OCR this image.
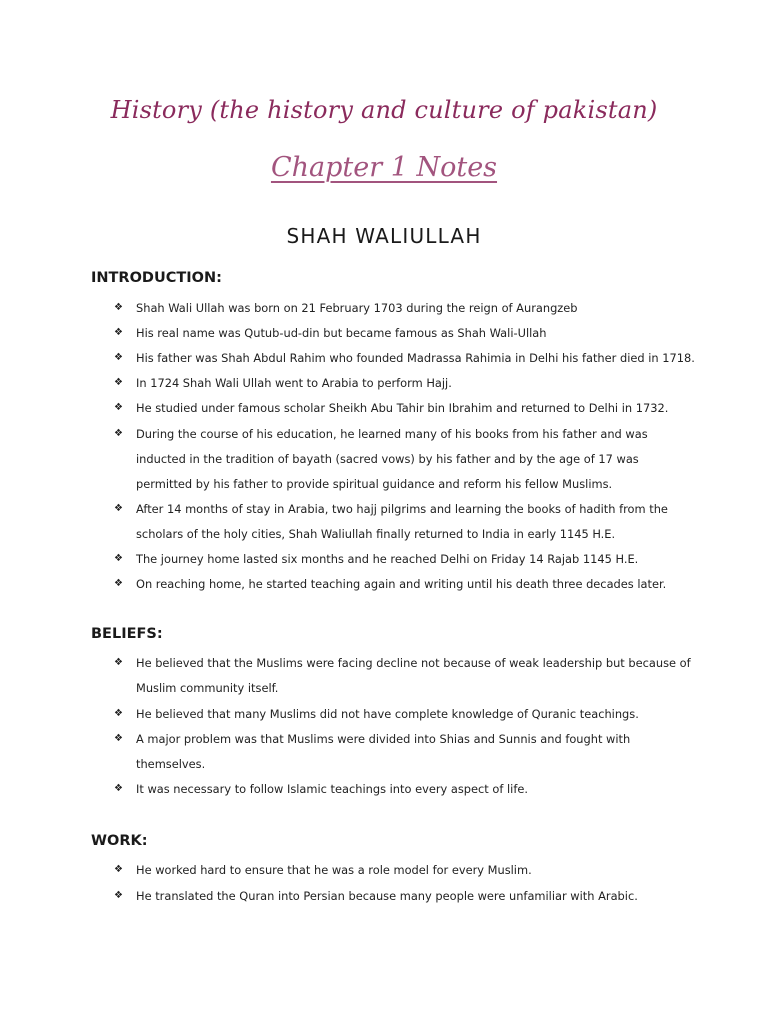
History (the history and culture of pakistan)
Chapter 1 Notes
SHAH WALIULLAH
INTRODUCTION:
❖	Shah Wali Ullah was born on 21 February 1703 during the reign of Aurangzeb
❖	His real name was Qutub-ud-din but became famous as Shah Wali-Ullah
❖	His father was Shah Abdul Rahim who founded Madrassa Rahimia in Delhi his father died in 1718.
❖	In 1724 Shah Wali Ullah went to Arabia to perform Hajj.
❖	He studied under famous scholar Sheikh Abu Tahir bin Ibrahim and returned to Delhi in 1732.
❖	During the course of his education, he learned many of his books from his father and was
inducted in the tradition of bayath (sacred vows) by his father and by the age of 17 was
permitted by his father to provide spiritual guidance and reform his fellow Muslims.
❖	After 14 months of stay in Arabia, two hajj pilgrims and learning the books of hadith from the
scholars of the holy cities, Shah Waliullah finally returned to India in early 1145 H.E.
❖	The journey home lasted six months and he reached Delhi on Friday 14 Rajab 1145 H.E.
❖	On reaching home, he started teaching again and writing until his death three decades later.
BELIEFS:
❖	He believed that the Muslims were facing decline not because of weak leadership but because of
Muslim community itself.
❖	He believed that many Muslims did not have complete knowledge of Quranic teachings.
❖	A major problem was that Muslims were divided into Shias and Sunnis and fought with
themselves.
❖	It was necessary to follow Islamic teachings into every aspect of life.
WORK:
❖	He worked hard to ensure that he was a role model for every Muslim.
❖	He translated the Quran into Persian because many people were unfamiliar with Arabic.
